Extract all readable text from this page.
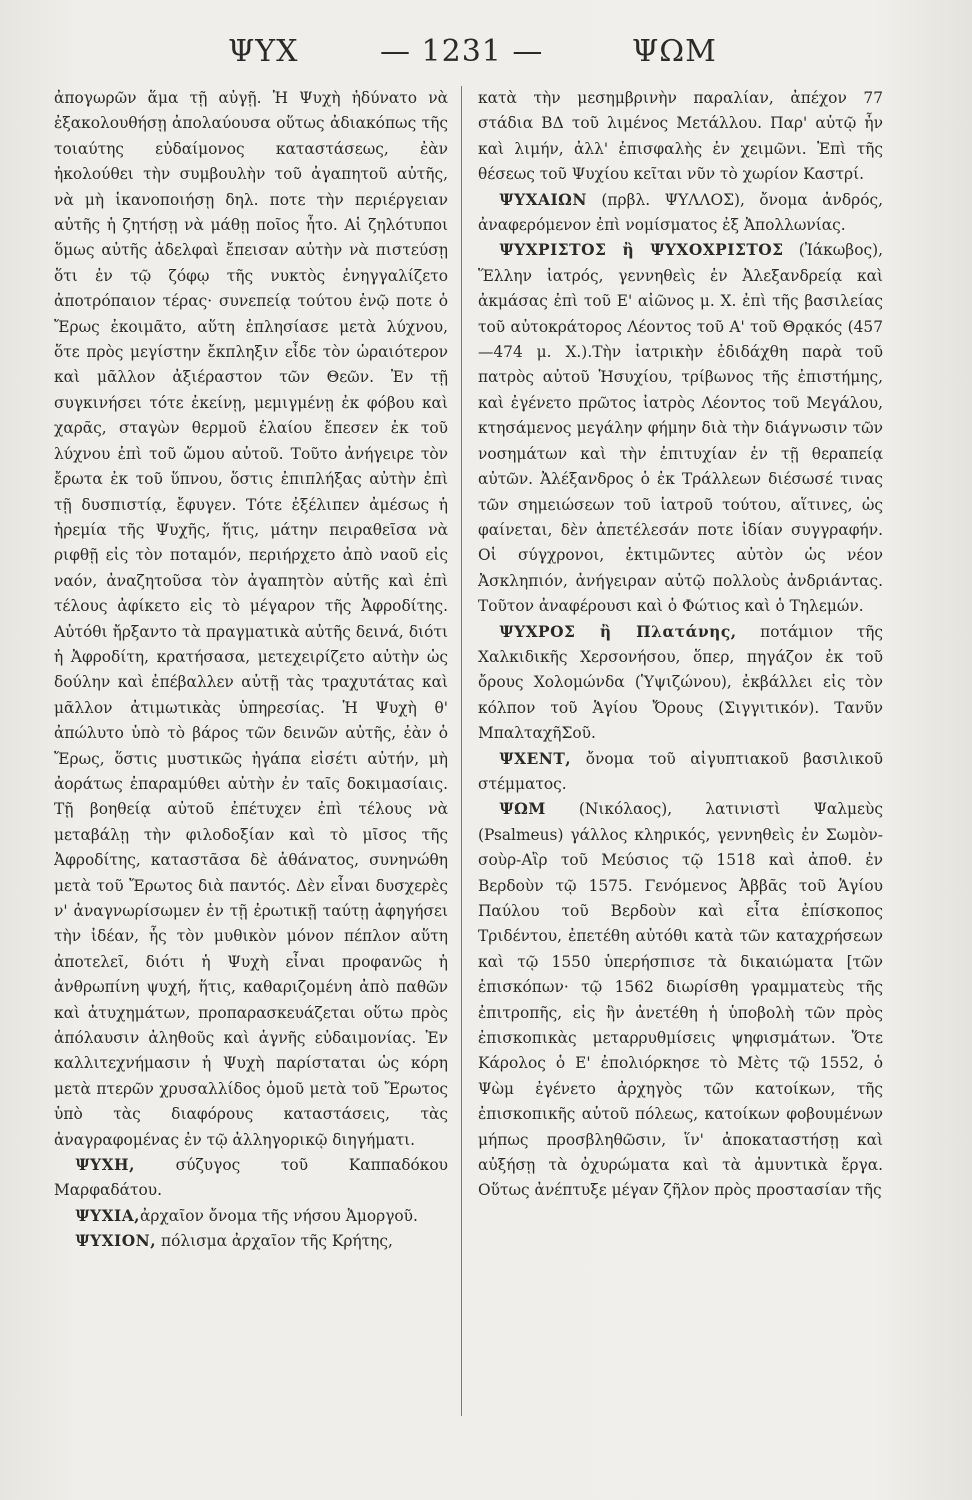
ΨΥΧ	— 1231 —	ΨΩΜ

ἀπογωρῶν ἅμα τῇ αὐγῇ. Ἡ Ψυχὴ ἠδύνατο νὰ ἐξακολουθήσῃ ἀπολαύουσα οὕτως ἀδιακόπως τῆς τοιαύτης εὐδαίμονος καταστάσεως, ἐὰν ἠκολούθει τὴν συμβουλὴν τοῦ ἀγαπητοῦ αὐτῆς, νὰ μὴ ἱκανοποιήσῃ δηλ. ποτε τὴν περιέργειαν αὐτῆς ἡ ζητήσῃ νὰ μάθῃ ποῖος ἦτο. Αἱ ζηλότυποι ὅμως αὐτῆς ἀδελφαὶ ἔπεισαν αὐτὴν νὰ πιστεύσῃ ὅτι ἐν τῷ ζόφῳ τῆς νυκτὸς ἐνηγγαλίζετο ἀποτρόπαιον τέρας· συνεπείᾳ τούτου ἐνῷ ποτε ὁ Ἔρως ἐκοιμᾶτο, αὕτη ἐπλησίασε μετὰ λύχνου, ὅτε πρὸς μεγίστην ἔκπληξιν εἶδε τὸν ὡραιότερον καὶ μᾶλλον ἀξιέραστον τῶν Θεῶν. Ἐν τῇ συγκινήσει τότε ἐκείνῃ, μεμιγμένῃ ἐκ φόβου καὶ χαρᾶς, σταγὼν θερμοῦ ἐλαίου ἔπεσεν ἐκ τοῦ λύχνου ἐπὶ τοῦ ὤμου αὐτοῦ. Τοῦτο ἀνήγειρε τὸν ἔρωτα ἐκ τοῦ ὕπνου, ὅστις ἐπιπλήξας αὐτὴν ἐπὶ τῇ δυσπιστίᾳ, ἔφυγεν. Τότε ἐξέλιπεν ἀμέσως ἡ ἠρεμία τῆς Ψυχῆς, ἥτις, μάτην πειραθεῖσα νὰ ριφθῇ εἰς τὸν ποταμόν, περιήρχετο ἀπὸ ναοῦ εἰς ναόν, ἀναζητοῦσα τὸν ἀγαπητὸν αὐτῆς καὶ ἐπὶ τέλους ἀφίκετο εἰς τὸ μέγαρον τῆς Ἀφροδίτης. Αὐτόθι ἤρξαντο τὰ πραγματικὰ αὐτῆς δεινά, διότι ἡ Ἀφροδίτη, κρατήσασα, μετεχειρίζετο αὐτὴν ὡς δούλην καὶ ἐπέβαλλεν αὐτῇ τὰς τραχυτάτας καὶ μᾶλλον ἀτιμωτικὰς ὑπηρεσίας. Ἡ Ψυχὴ θ' ἀπώλυτο ὑπὸ τὸ βάρος τῶν δεινῶν αὐτῆς, ἐὰν ὁ Ἔρως, ὅστις μυστικῶς ἠγάπα εἰσέτι αὐτήν, μὴ ἀοράτως ἐπαραμύθει αὐτὴν ἐν ταῖς δοκιμασίαις. Τῇ βοηθείᾳ αὐτοῦ ἐπέτυχεν ἐπὶ τέλους νὰ μεταβάλῃ τὴν φιλοδοξίαν καὶ τὸ μῖσος τῆς Ἀφροδίτης, καταστᾶσα δὲ ἀθάνατος, συνηνώθη μετὰ τοῦ Ἔρωτος διὰ παντός. Δὲν εἶναι δυσχερὲς ν' ἀναγνωρίσωμεν ἐν τῇ ἐρωτικῇ ταύτῃ ἀφηγήσει τὴν ἰδέαν, ἧς τὸν μυθικὸν μόνον πέπλον αὕτη ἀποτελεῖ, διότι ἡ Ψυχὴ εἶναι προφανῶς ἡ ἀνθρωπίνη ψυχή, ἥτις, καθαριζομένη ἀπὸ παθῶν καὶ ἀτυχημάτων, προπαρασκευάζεται οὕτω πρὸς ἀπόλαυσιν ἀληθοῦς καὶ ἁγνῆς εὐδαιμονίας. Ἐν καλλιτεχνήμασιν ἡ Ψυχὴ παρίσταται ὡς κόρη μετὰ πτερῶν χρυσαλλίδος ὁμοῦ μετὰ τοῦ Ἔρωτος ὑπὸ τὰς διαφόρους καταστάσεις, τὰς ἀναγραφομένας ἐν τῷ ἀλληγορικῷ διηγήματι.

ΨΥΧΗ, σύζυγος τοῦ Καππαδόκου Μαρφαδάτου.

ΨΥΧΙΑ,ἀρχαῖον ὄνομα τῆς νήσου Ἀμοργοῦ.

ΨΥΧΙΟΝ, πόλισμα ἀρχαῖον τῆς Κρήτης,

κατὰ τὴν μεσημβρινὴν παραλίαν, ἀπέχον 77 στάδια ΒΔ τοῦ λιμένος Μετάλλου. Παρ' αὐτῷ ἦν καὶ λιμήν, ἀλλ' ἐπισφαλὴς ἐν χειμῶνι. Ἐπὶ τῆς θέσεως τοῦ Ψυχίου κεῖται νῦν τὸ χωρίον Καστρί.

ΨΥΧΑΙΩΝ (πρβλ. ΨΥΛΛΟΣ), ὄνομα ἀνδρός, ἀναφερόμενον ἐπὶ νομίσματος ἐξ Ἀπολλωνίας.

ΨΥΧΡΙΣΤΟΣ ἢ ΨΥΧΟΧΡΙΣΤΟΣ (Ἰάκωβος), Ἕλλην ἰατρός, γεννηθεὶς ἐν Ἀλεξανδρείᾳ καὶ ἀκμάσας ἐπὶ τοῦ Ε' αἰῶνος μ. Χ. ἐπὶ τῆς βασιλείας τοῦ αὐτοκράτορος Λέοντος τοῦ Α' τοῦ Θρᾳκός (457—474 μ. Χ.).Τὴν ἰατρικὴν ἐδιδάχθη παρὰ τοῦ πατρὸς αὐτοῦ Ἡσυχίου, τρίβωνος τῆς ἐπιστήμης, καὶ ἐγένετο πρῶτος ἰατρὸς Λέοντος τοῦ Μεγάλου, κτησάμενος μεγάλην φήμην διὰ τὴν διάγνωσιν τῶν νοσημάτων καὶ τὴν ἐπιτυχίαν ἐν τῇ θεραπείᾳ αὐτῶν. Ἀλέξανδρος ὁ ἐκ Τράλλεων διέσωσέ τινας τῶν σημειώσεων τοῦ ἰατροῦ τούτου, αἵτινες, ὡς φαίνεται, δὲν ἀπετέλεσάν ποτε ἰδίαν συγγραφήν. Οἱ σύγχρονοι, ἐκτιμῶντες αὐτὸν ὡς νέον Ἀσκληπιόν, ἀνήγειραν αὐτῷ πολλοὺς ἀνδριάντας. Τοῦτον ἀναφέρουσι καὶ ὁ Φώτιος καὶ ὁ Τηλεμών.

ΨΥΧΡΟΣ ἢ Πλατάνης, ποτάμιον τῆς Χαλκιδικῆς Χερσονήσου, ὅπερ, πηγάζον ἐκ τοῦ ὄρους Χολομώνδα (Ὑψιζώνου), ἐκβάλλει εἰς τὸν κόλπον τοῦ Ἁγίου Ὄρους (Σιγγιτικόν). Τανῦν ΜπαλταχῆΣοῦ.

ΨΧΕΝΤ, ὄνομα τοῦ αἰγυπτιακοῦ βασιλικοῦ στέμματος.

ΨΩΜ (Νικόλαος), λατινιστὶ Ψαλμεὺς (Psalmeus) γάλλος κληρικός, γεννηθεὶς ἐν Σωμὸν-σοὺρ-Αἲρ τοῦ Μεύσιος τῷ 1518 καὶ ἀποθ. ἐν Βερδοὺν τῷ 1575. Γενόμενος Ἀββᾶς τοῦ Ἁγίου Παύλου τοῦ Βερδοὺν καὶ εἶτα ἐπίσκοπος Τριδέντου, ἐπετέθη αὐτόθι κατὰ τῶν καταχρήσεων καὶ τῷ 1550 ὑπερήσπισε τὰ δικαιώματα [τῶν ἐπισκόπων· τῷ 1562 διωρίσθη γραμματεὺς τῆς ἐπιτροπῆς, εἰς ἣν ἀνετέθη ἡ ὑποβολὴ τῶν πρὸς ἐπισκοπικὰς μεταρρυθμίσεις ψηφισμάτων. Ὅτε Κάρολος ὁ Ε' ἐπολιόρκησε τὸ Μὲτς τῷ 1552, ὁ Ψὼμ ἐγένετο ἀρχηγὸς τῶν κατοίκων, τῆς ἐπισκοπικῆς αὐτοῦ πόλεως, κατοίκων φοβουμένων μήπως προσβληθῶσιν, ἵν' ἀποκαταστήσῃ καὶ αὐξήσῃ τὰ ὀχυρώματα καὶ τὰ ἀμυντικὰ ἔργα. Οὕτως ἀνέπτυξε μέγαν ζῆλον πρὸς προστασίαν τῆς
